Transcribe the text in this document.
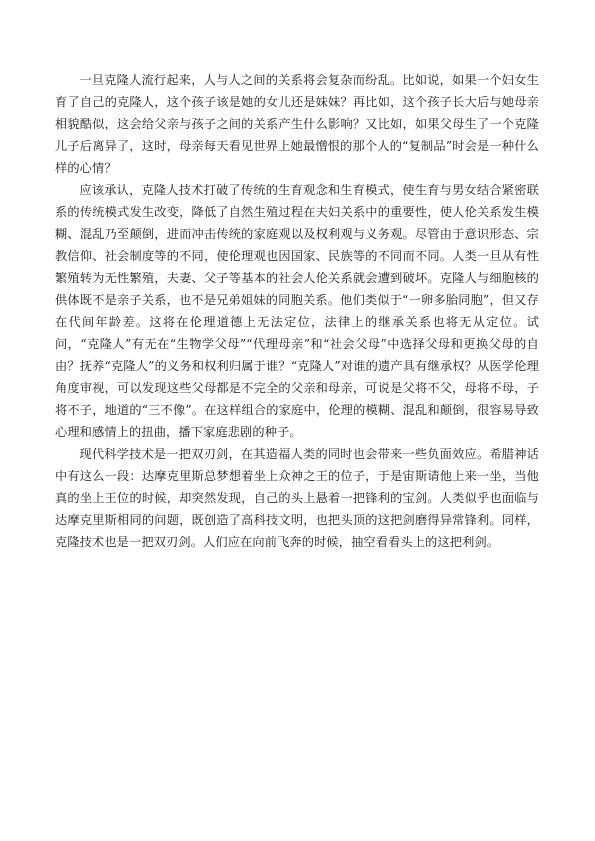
一旦克隆人流行起来，人与人之间的关系将会复杂而纷乱。比如说，如果一个妇女生育了自己的克隆人，这个孩子该是她的女儿还是妹妹？再比如，这个孩子长大后与她母亲相貌酷似，这会给父亲与孩子之间的关系产生什么影响？又比如，如果父母生了一个克隆儿子后离异了，这时，母亲每天看见世界上她最憎恨的那个人的“复制品”时会是一种什么样的心情？

应该承认，克隆人技术打破了传统的生育观念和生育模式，使生育与男女结合紧密联系的传统模式发生改变，降低了自然生殖过程在夫妇关系中的重要性，使人伦关系发生模糊、混乱乃至颠倒，进而冲击传统的家庭观以及权利观与义务观。尽管由于意识形态、宗教信仰、社会制度等的不同，使伦理观也因国家、民族等的不同而不同。人类一旦从有性繁殖转为无性繁殖，夫妻、父子等基本的社会人伦关系就会遭到破坏。克隆人与细胞核的供体既不是亲子关系，也不是兄弟姐妹的同胞关系。他们类似于“一卵多胎同胞”，但又存在代间年龄差。这将在伦理道德上无法定位，法律上的继承关系也将无从定位。试问，“克隆人”有无在“生物学父母”“代理母亲”和“社会父母”中选择父母和更换父母的自由？抚养“克隆人”的义务和权利归属于谁？“克隆人”对谁的遗产具有继承权？从医学伦理角度审视，可以发现这些父母都是不完全的父亲和母亲，可说是父将不父，母将不母，子将不子，地道的“三不像”。在这样组合的家庭中，伦理的模糊、混乱和颠倒，很容易导致心理和感情上的扭曲，播下家庭悲剧的种子。

现代科学技术是一把双刃剑，在其造福人类的同时也会带来一些负面效应。希腊神话中有这么一段：达摩克里斯总梦想着坐上众神之王的位子，于是宙斯请他上来一坐，当他真的坐上王位的时候，却突然发现，自己的头上悬着一把锋利的宝剑。人类似乎也面临与达摩克里斯相同的问题，既创造了高科技文明，也把头顶的这把剑磨得异常锋利。同样，克隆技术也是一把双刃剑。人们应在向前飞奔的时候，抽空看看头上的这把利剑。
